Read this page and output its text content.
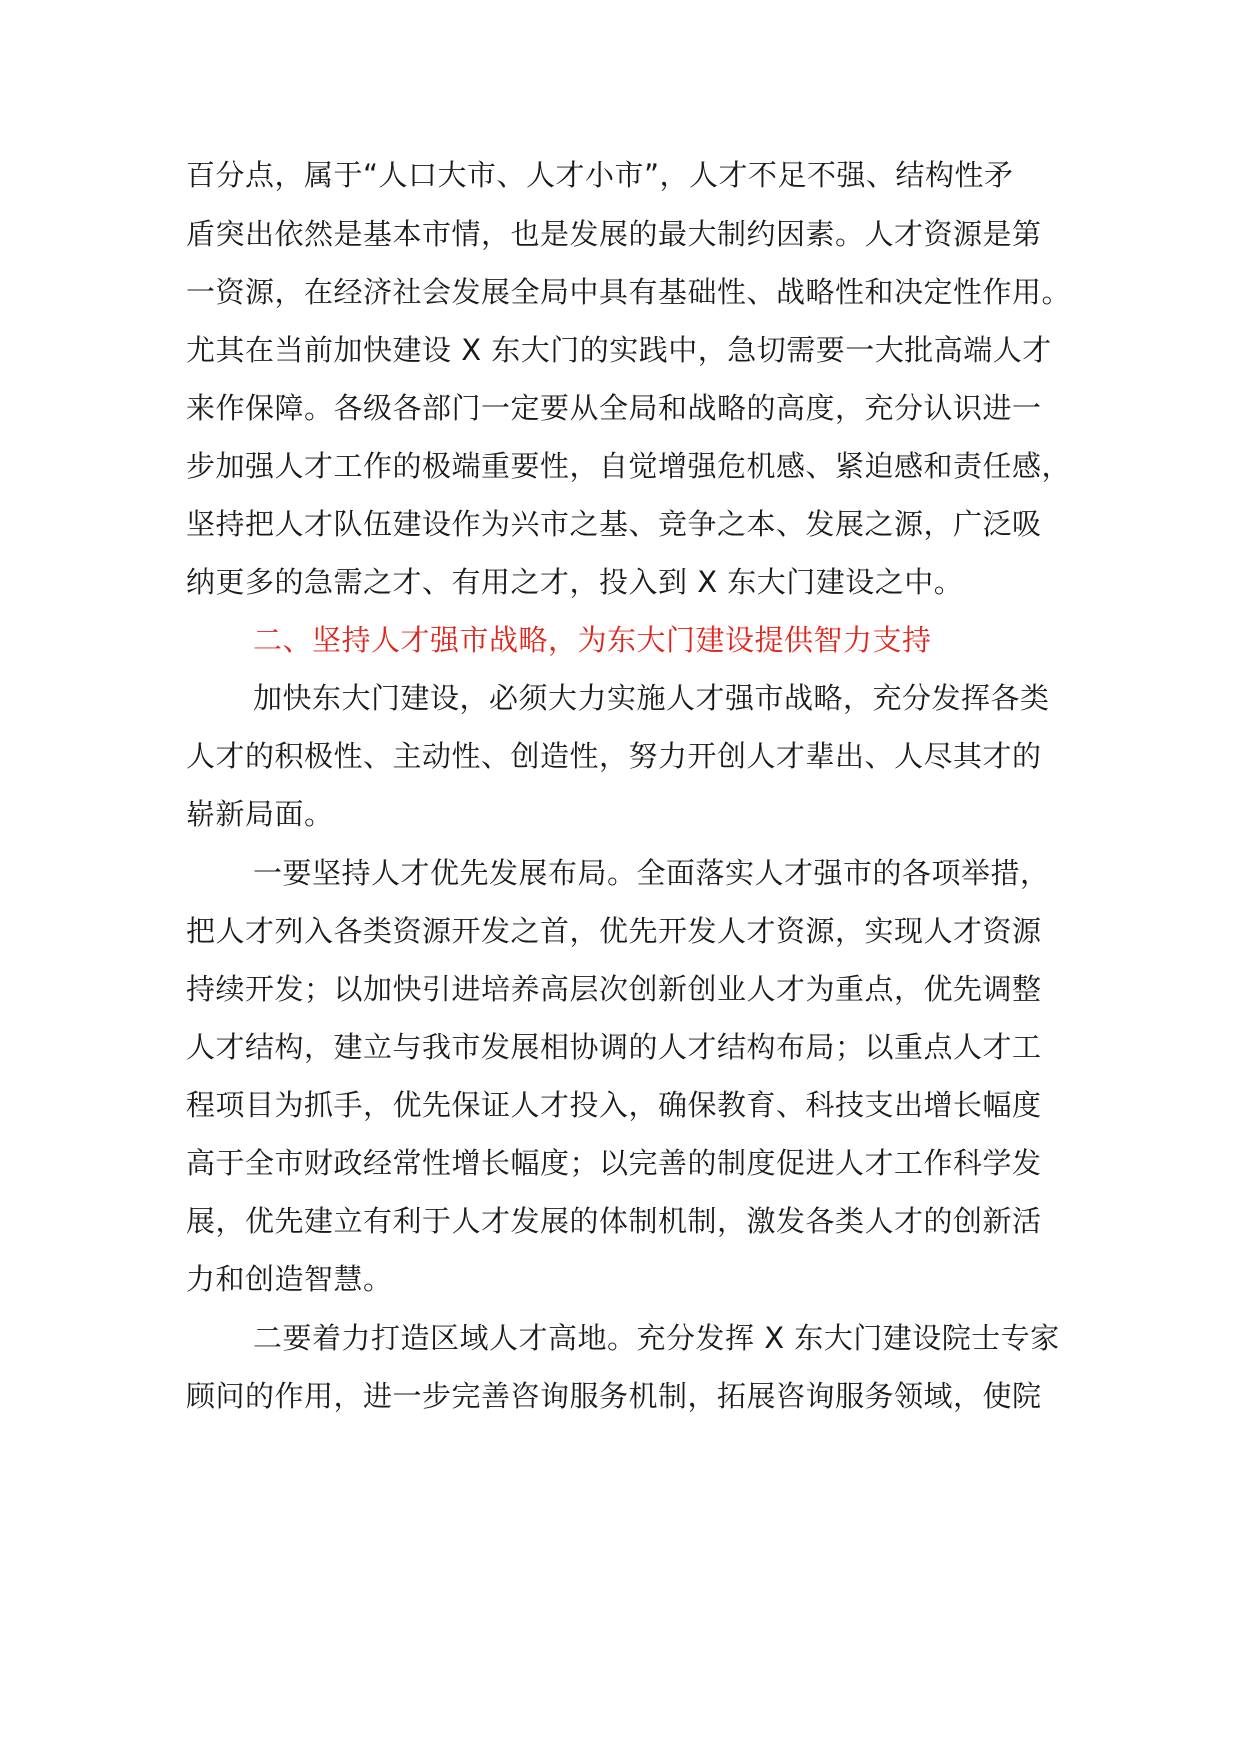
百分点，属于“人口大市、人才小市”，人才不足不强、结构性矛
盾突出依然是基本市情，也是发展的最大制约因素。人才资源是第
一资源，在经济社会发展全局中具有基础性、战略性和决定性作用。
尤其在当前加快建设 X 东大门的实践中，急切需要一大批高端人才
来作保障。各级各部门一定要从全局和战略的高度，充分认识进一
步加强人才工作的极端重要性，自觉增强危机感、紧迫感和责任感，
坚持把人才队伍建设作为兴市之基、竞争之本、发展之源，广泛吸
纳更多的急需之才、有用之才，投入到 X 东大门建设之中。
二、坚持人才强市战略，为东大门建设提供智力支持
加快东大门建设，必须大力实施人才强市战略，充分发挥各类
人才的积极性、主动性、创造性，努力开创人才辈出、人尽其才的
崭新局面。
一要坚持人才优先发展布局。全面落实人才强市的各项举措，
把人才列入各类资源开发之首，优先开发人才资源，实现人才资源
持续开发；以加快引进培养高层次创新创业人才为重点，优先调整
人才结构，建立与我市发展相协调的人才结构布局；以重点人才工
程项目为抓手，优先保证人才投入，确保教育、科技支出增长幅度
高于全市财政经常性增长幅度；以完善的制度促进人才工作科学发
展，优先建立有利于人才发展的体制机制，激发各类人才的创新活
力和创造智慧。
二要着力打造区域人才高地。充分发挥 X 东大门建设院士专家
顾问的作用，进一步完善咨询服务机制，拓展咨询服务领域，使院
